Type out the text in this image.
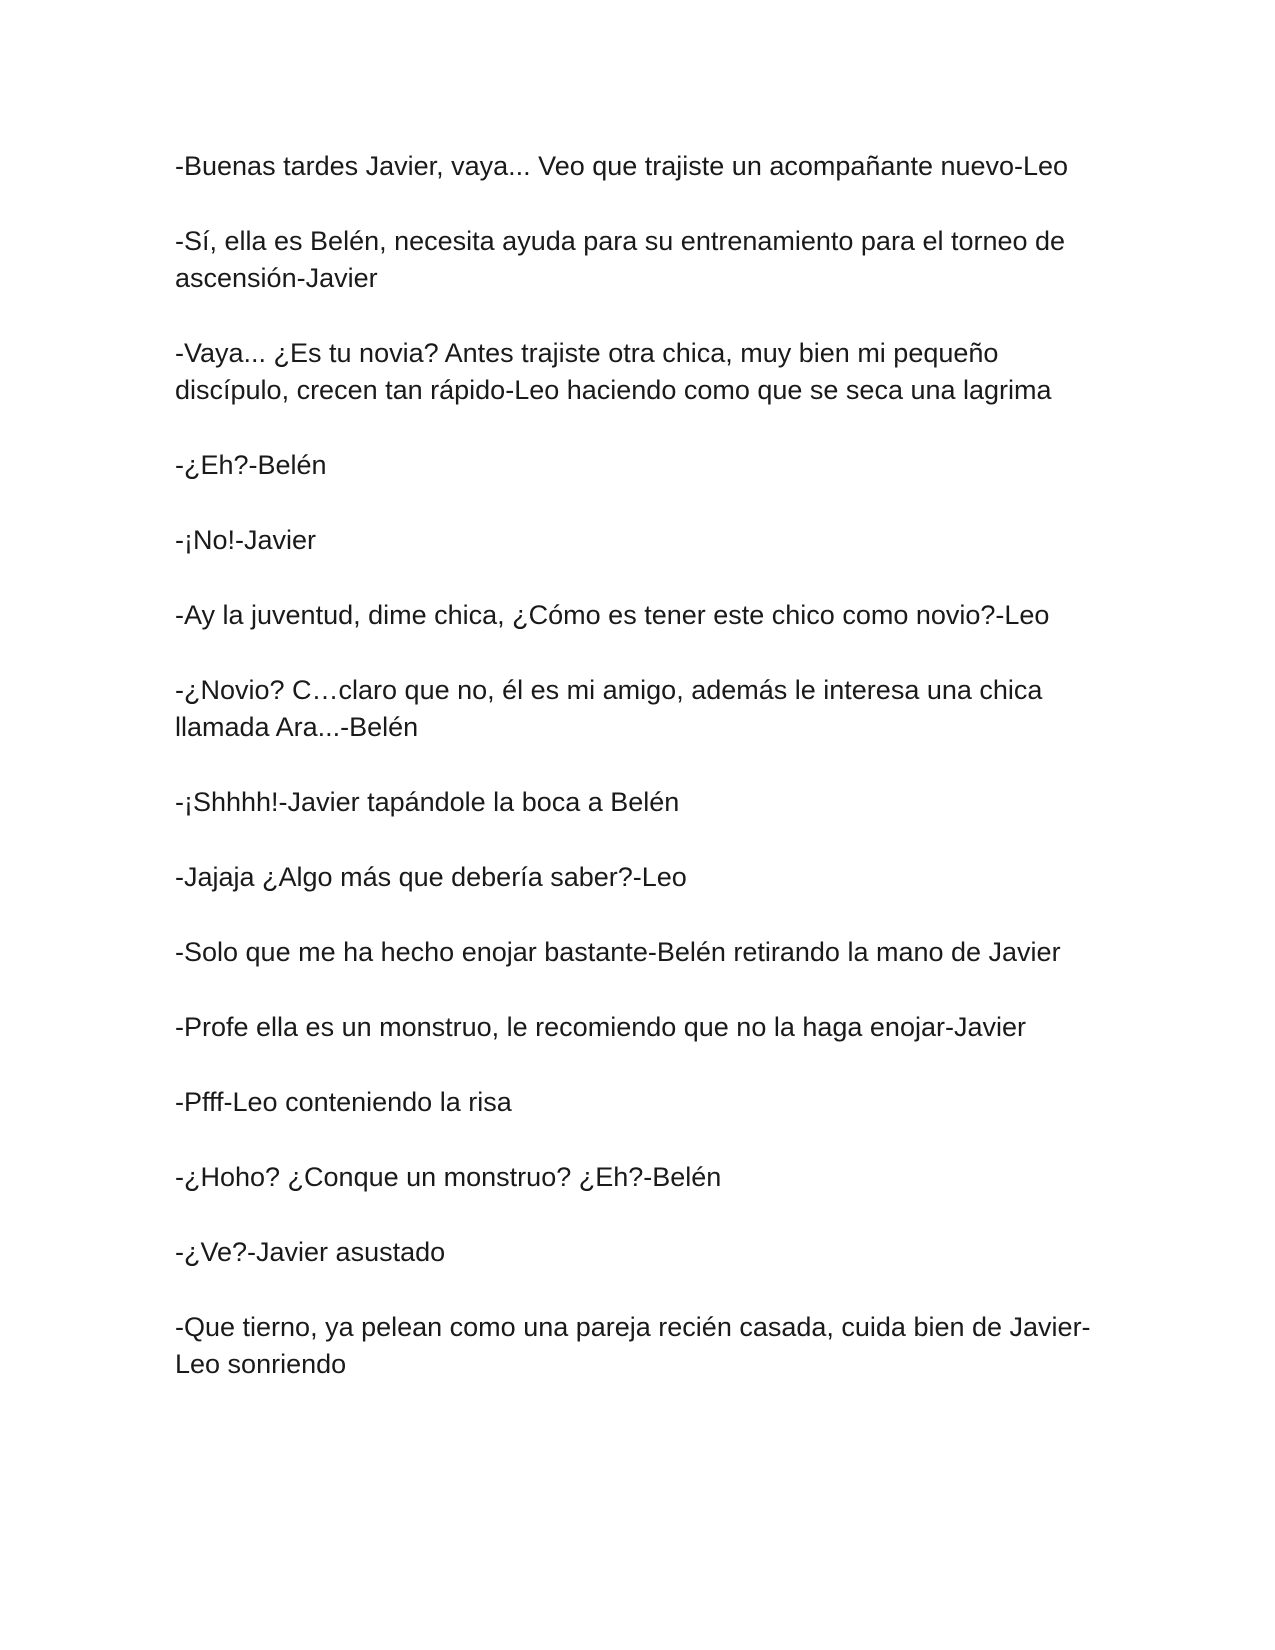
-Buenas tardes Javier, vaya... Veo que trajiste un acompañante nuevo-Leo

-Sí, ella es Belén, necesita ayuda para su entrenamiento para el torneo de ascensión-Javier

-Vaya... ¿Es tu novia? Antes trajiste otra chica, muy bien mi pequeño discípulo, crecen tan rápido-Leo haciendo como que se seca una lagrima

-¿Eh?-Belén

-¡No!-Javier

-Ay la juventud, dime chica, ¿Cómo es tener este chico como novio?-Leo

-¿Novio? C…claro que no, él es mi amigo, además le interesa una chica llamada Ara...-Belén

-¡Shhhh!-Javier tapándole la boca a Belén

-Jajaja ¿Algo más que debería saber?-Leo

-Solo que me ha hecho enojar bastante-Belén retirando la mano de Javier

-Profe ella es un monstruo, le recomiendo que no la haga enojar-Javier

-Pfff-Leo conteniendo la risa

-¿Hoho? ¿Conque un monstruo? ¿Eh?-Belén

-¿Ve?-Javier asustado

-Que tierno, ya pelean como una pareja recién casada, cuida bien de Javier-Leo sonriendo
